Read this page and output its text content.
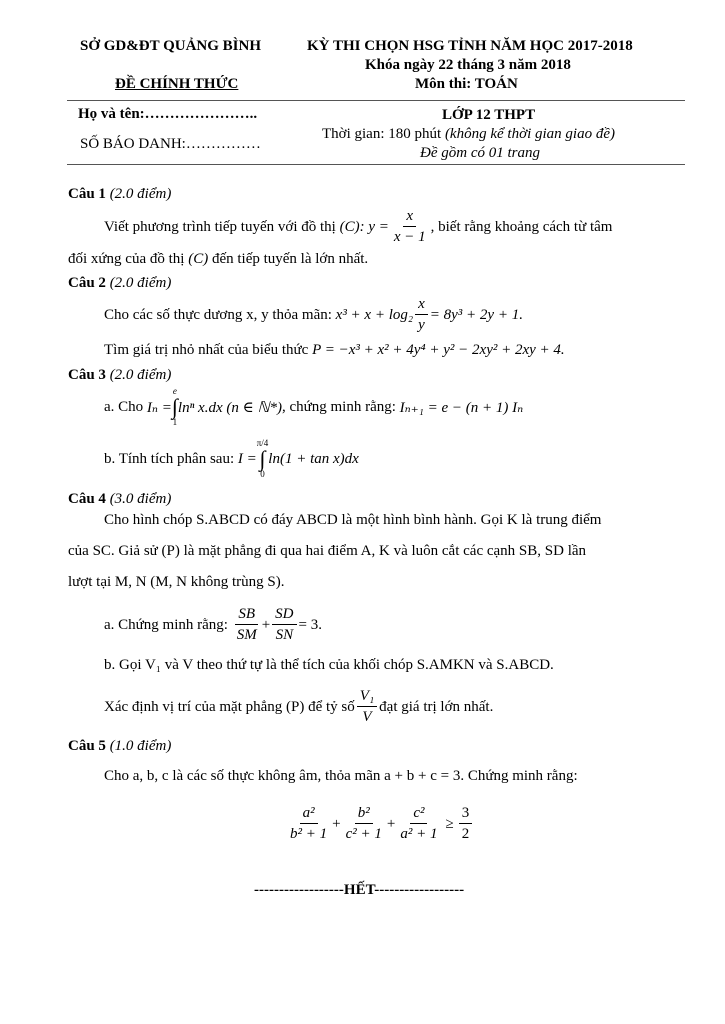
SỞ GD&ĐT QUẢNG BÌNH
ĐỀ CHÍNH THỨC
Họ và tên:…………………..
SỐ BÁO DANH:……………
KỲ THI CHỌN HSG TỈNH NĂM HỌC 2017-2018
Khóa ngày 22 tháng 3 năm 2018
Môn thi: TOÁN
LỚP 12 THPT
Thời gian: 180 phút (không kể thời gian giao đề)
Đề gồm có 01 trang
Câu 1 (2.0 điểm)
Viết phương trình tiếp tuyến với đồ thị
(C) : $y = \frac{x}{x - 1}$ , biết rằng khoảng cách từ tâm
đối xứng của đồ thị (C) đến tiếp tuyến là lớn nhất.
Câu 2 (2.0 điểm)
Cho các số thực dương x, y thỏa mãn:
$x^3 + x + \log_2 \frac{x}{y} = 8y^3 + 2y + 1$.
Tìm giá trị nhỏ nhất của biểu thức P = −x³ + x² + 4y⁴ + y² − 2xy² + 2xy + 4.
Câu 3 (2.0 điểm)
a. Cho
Iₙ =
e
∫
1
lnⁿ x.dx (n ∈ ℕ*) , chứng minh rằng:
Iₙ₊₁ = e − (n + 1) Iₙ
b. Tính tích phân sau:
I =
π/4
∫
0
ln(1 + tan x)dx
Câu 4 (3.0 điểm)
Cho hình chóp S.ABCD có đáy ABCD là một hình bình hành. Gọi K là trung điểm
của SC. Giả sử (P) là mặt phẳng đi qua hai điểm A, K và luôn cắt các cạnh SB, SD lần
lượt tại M, N (M, N không trùng S).
a. Chứng minh rằng:
$\frac{SB}{SM} + \frac{SD}{SN} = 3$.
b. Gọi V₁ và V theo thứ tự là thể tích của khối chóp S.AMKN và S.ABCD.
Xác định vị trí của mặt phẳng (P) để tỷ số $\frac{\text{V₁}}{V}$ đạt giá trị lớn nhất.
Câu 5 (1.0 điểm)
Cho a, b, c là các số thực không âm, thỏa mãn a + b + c = 3. Chứng minh rằng:
$\frac{\text{a²}}{\text{b² + 1}} + \frac{\text{b²}}{\text{c² + 1}} + \frac{\text{c²}}{\text{a² + 1}} \ge \frac{3}{2}$
------------------HẾT------------------
